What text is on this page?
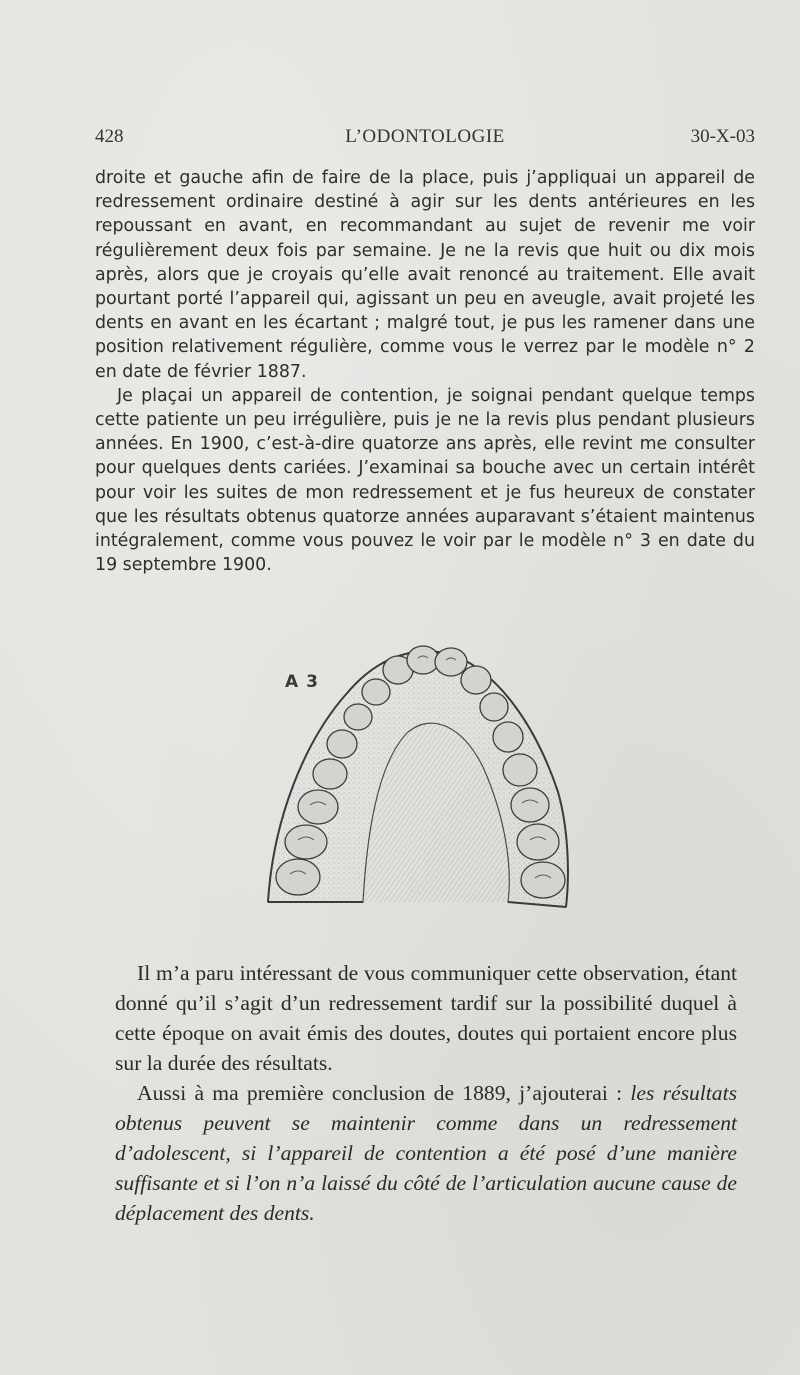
428	L’ODONTOLOGIE	30-X-03

droite et gauche afin de faire de la place, puis j’appliquai un appareil de redressement ordinaire destiné à agir sur les dents antérieures en les repoussant en avant, en recommandant au sujet de revenir me voir régulièrement deux fois par semaine. Je ne la revis que huit ou dix mois après, alors que je croyais qu’elle avait renoncé au traitement. Elle avait pourtant porté l’appareil qui, agissant un peu en aveugle, avait projeté les dents en avant en les écartant ; malgré tout, je pus les ramener dans une position relativement régulière, comme vous le verrez par le modèle n° 2 en date de février 1887.

Je plaçai un appareil de contention, je soignai pendant quelque temps cette patiente un peu irrégulière, puis je ne la revis plus pendant plusieurs années. En 1900, c’est-à-dire quatorze ans après, elle revint me consulter pour quelques dents cariées. J’examinai sa bouche avec un certain intérêt pour voir les suites de mon redressement et je fus heureux de constater que les résultats obtenus quatorze années auparavant s’étaient maintenus intégralement, comme vous pouvez le voir par le modèle n° 3 en date du 19 septembre 1900.

A 3

Il m’a paru intéressant de vous communiquer cette observation, étant donné qu’il s’agit d’un redressement tardif sur la possibilité duquel à cette époque on avait émis des doutes, doutes qui portaient encore plus sur la durée des résultats.

Aussi à ma première conclusion de 1889, j’ajouterai : les résultats obtenus peuvent se maintenir comme dans un redressement d’adolescent, si l’appareil de contention a été posé d’une manière suffisante et si l’on n’a laissé du côté de l’articulation aucune cause de déplacement des dents.
